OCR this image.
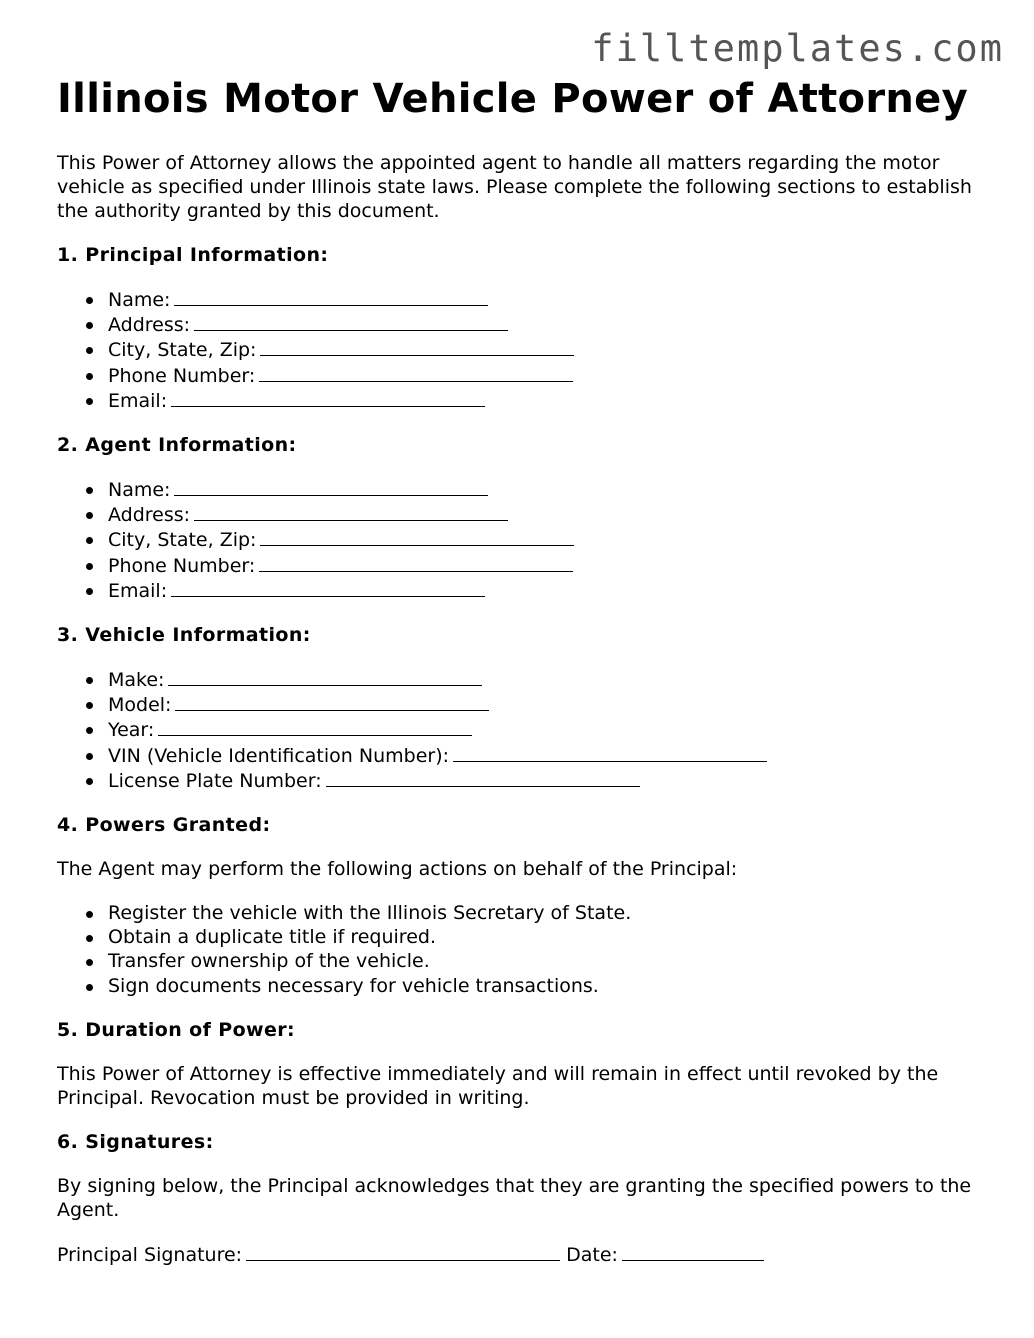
filltemplates.com
Illinois Motor Vehicle Power of Attorney

This Power of Attorney allows the appointed agent to handle all matters regarding the motor vehicle as specified under Illinois state laws. Please complete the following sections to establish the authority granted by this document.

1. Principal Information:
Name:
Address:
City, State, Zip:
Phone Number:
Email:
2. Agent Information:
Name:
Address:
City, State, Zip:
Phone Number:
Email:
3. Vehicle Information:
Make:
Model:
Year:
VIN (Vehicle Identification Number):
License Plate Number:
4. Powers Granted:

The Agent may perform the following actions on behalf of the Principal:

Register the vehicle with the Illinois Secretary of State.
Obtain a duplicate title if required.
Transfer ownership of the vehicle.
Sign documents necessary for vehicle transactions.
5. Duration of Power:

This Power of Attorney is effective immediately and will remain in effect until revoked by the Principal. Revocation must be provided in writing.

6. Signatures:

By signing below, the Principal acknowledges that they are granting the specified powers to the Agent.

Principal Signature:	Date:
